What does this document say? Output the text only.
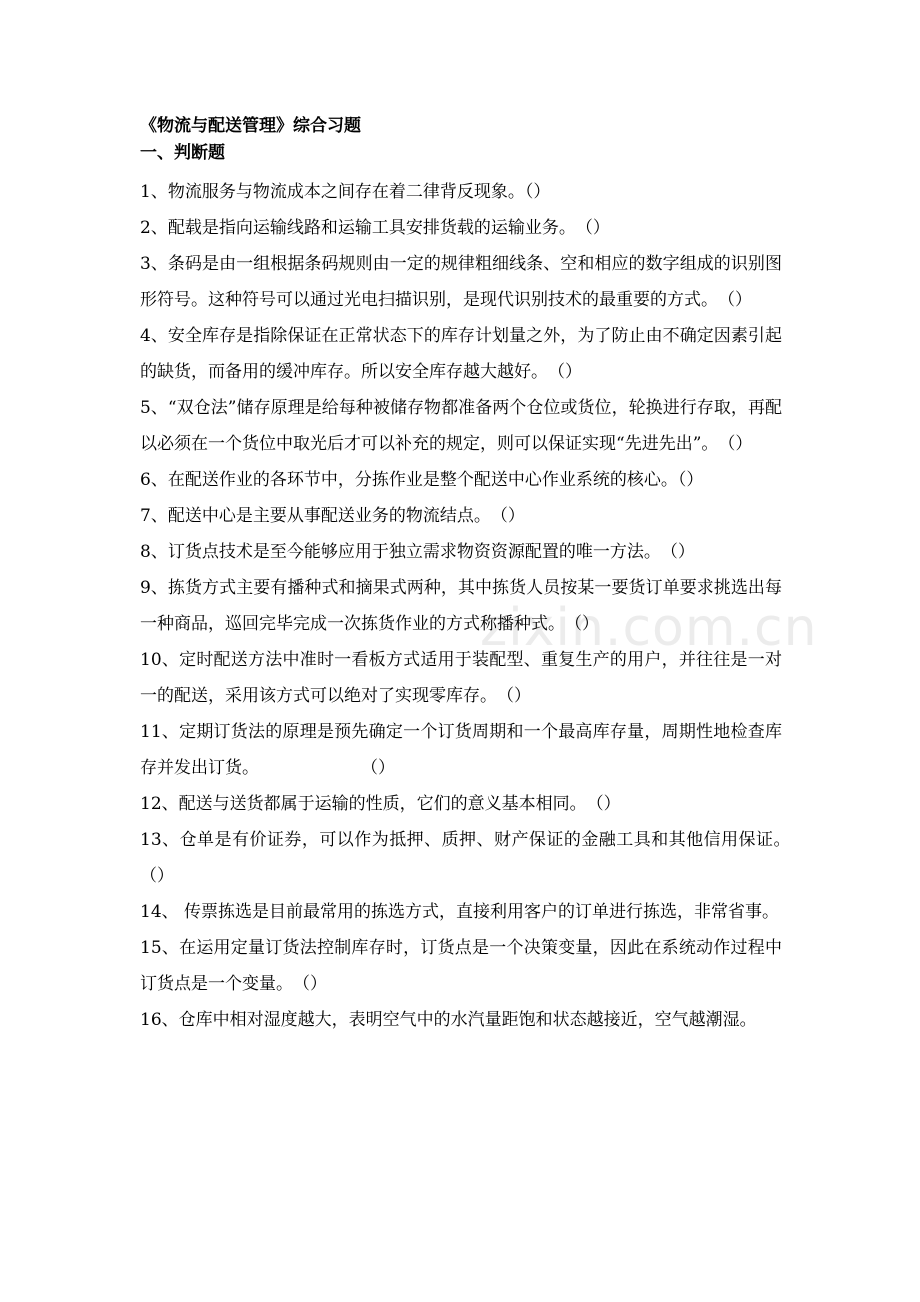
zixin.com.cn
《物流与配送管理》综合习题
一、判断题

1、物流服务与物流成本之间存在着二律背反现象。（）

2、配载是指向运输线路和运输工具安排货载的运输业务。　（）

3、条码是由一组根据条码规则由一定的规律粗细线条、空和相应的数字组成的识别图形符号。这种符号可以通过光电扫描识别，是现代识别技术的最重要的方式。　（）

4、安全库存是指除保证在正常状态下的库存计划量之外，为了防止由不确定因素引起的缺货，而备用的缓冲库存。所以安全库存越大越好。　（）

5、“双仓法”储存原理是给每种被储存物都准备两个仓位或货位，轮换进行存取，再配以必须在一个货位中取光后才可以补充的规定，则可以保证实现“先进先出”。　（）

6、在配送作业的各环节中，分拣作业是整个配送中心作业系统的核心。（）

7、配送中心是主要从事配送业务的物流结点。　（）

8、订货点技术是至今能够应用于独立需求物资资源配置的唯一方法。　（）

9、拣货方式主要有播种式和摘果式两种，其中拣货人员按某一要货订单要求挑选出每一种商品，巡回完毕完成一次拣货作业的方式称播种式。　（）

10、定时配送方法中准时一看板方式适用于装配型、重复生产的用户，并往往是一对一的配送，采用该方式可以绝对了实现零库存。　（）

11、定期订货法的原理是预先确定一个订货周期和一个最高库存量，周期性地检查库存并发出订货。　　　　　　　（）

12、配送与送货都属于运输的性质，它们的意义基本相同。　（）

13、仓单是有价证券，可以作为抵押、质押、财产保证的金融工具和其他信用保证。　（）

14、 传票拣选是目前最常用的拣选方式，直接利用客户的订单进行拣选，非常省事。

15、在运用定量订货法控制库存时，订货点是一个决策变量，因此在系统动作过程中订货点是一个变量。　（）

16、仓库中相对湿度越大，表明空气中的水汽量距饱和状态越接近，空气越潮湿。
